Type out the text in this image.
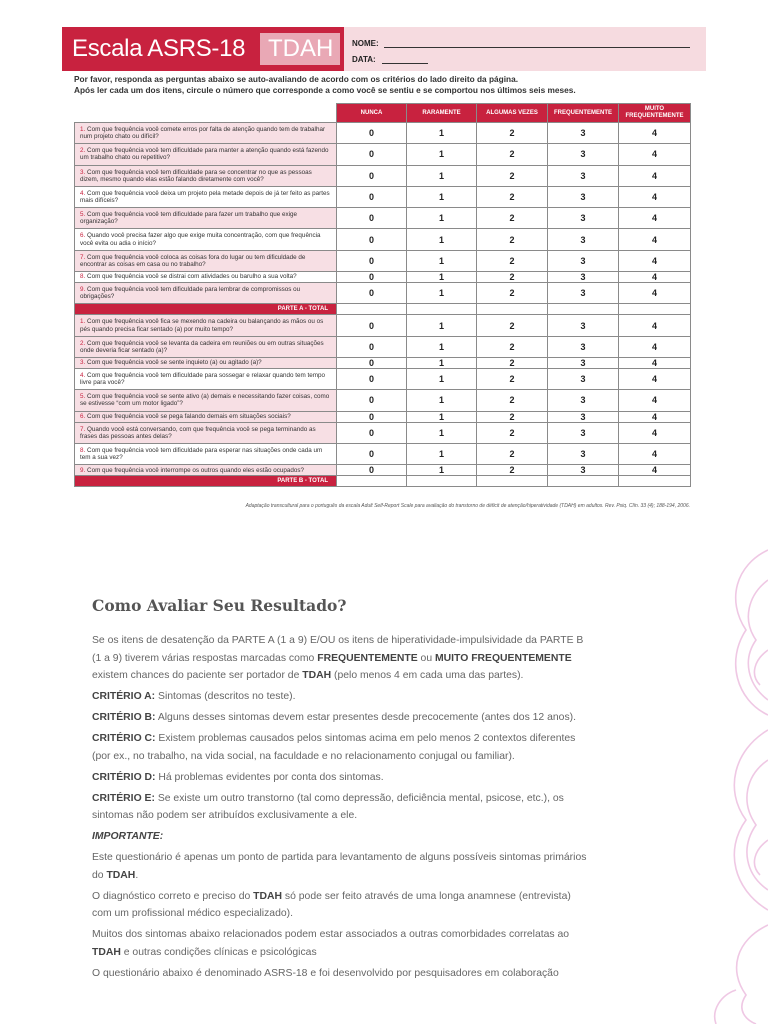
Escala ASRS-18 TDAH NOME:
DATA:
Por favor, responda as perguntas abaixo se auto-avaliando de acordo com os critérios do lado direito da página.
Após ler cada um dos itens, circule o número que corresponde a como você se sentiu e se comportou nos últimos seis meses.
	NUNCA	RARAMENTE	ALGUMAS VEZES	FREQUENTEMENTE	MUITO FREQUENTEMENTE
1. Com que frequência você comete erros por falta de atenção quando tem de trabalhar num projeto chato ou difícil?	0	1	2	3	4
2. Com que frequência você tem dificuldade para manter a atenção quando está fazendo um trabalho chato ou repetitivo?	0	1	2	3	4
3. Com que frequência você tem dificuldade para se concentrar no que as pessoas dizem, mesmo quando elas estão falando diretamente com você?	0	1	2	3	4
4. Com que frequência você deixa um projeto pela metade depois de já ter feito as partes mais difíceis?	0	1	2	3	4
5. Com que frequência você tem dificuldade para fazer um trabalho que exige organização?	0	1	2	3	4
6. Quando você precisa fazer algo que exige muita concentração, com que frequência você evita ou adia o início?	0	1	2	3	4
7. Com que frequência você coloca as coisas fora do lugar ou tem dificuldade de encontrar as coisas em casa ou no trabalho?	0	1	2	3	4
8. Com que frequência você se distrai com atividades ou barulho a sua volta?	0	1	2	3	4
9. Com que frequência você tem dificuldade para lembrar de compromissos ou obrigações?	0	1	2	3	4
PARTE A - TOTAL					
1. Com que frequência você fica se mexendo na cadeira ou balançando as mãos ou os pés quando precisa ficar sentado (a) por muito tempo?	0	1	2	3	4
2. Com que frequência você se levanta da cadeira em reuniões ou em outras situações onde deveria ficar sentado (a)?	0	1	2	3	4
3. Com que frequência você se sente inquieto (a) ou agitado (a)?	0	1	2	3	4
4. Com que frequência você tem dificuldade para sossegar e relaxar quando tem tempo livre para você?	0	1	2	3	4
5. Com que frequência você se sente ativo (a) demais e necessitando fazer coisas, como se estivesse “com um motor ligado”?	0	1	2	3	4
6. Com que frequência você se pega falando demais em situações sociais?	0	1	2	3	4
7. Quando você está conversando, com que frequência você se pega terminando as frases das pessoas antes delas?	0	1	2	3	4
8. Com que frequência você tem dificuldade para esperar nas situações onde cada um tem a sua vez?	0	1	2	3	4
9. Com que frequência você interrompe os outros quando eles estão ocupados?	0	1	2	3	4
PARTE B - TOTAL					
Adaptação transcultural para o português da escala Adult Self-Report Scale para avaliação do transtorno de déficit de atenção/hiperatividade (TDAH) em adultos. Rev. Psiq. Clín. 33 (4); 188-194, 2006.
Como Avaliar Seu Resultado?

Se os itens de desatenção da PARTE A (1 a 9) E/OU os itens de hiperatividade-impulsividade da PARTE B (1 a 9) tiverem várias respostas marcadas como FREQUENTEMENTE ou MUITO FREQUENTEMENTE existem chances do paciente ser portador de TDAH (pelo menos 4 em cada uma das partes).

CRITÉRIO A: Sintomas (descritos no teste).

CRITÉRIO B: Alguns desses sintomas devem estar presentes desde precocemente (antes dos 12 anos).

CRITÉRIO C: Existem problemas causados pelos sintomas acima em pelo menos 2 contextos diferentes (por ex., no trabalho, na vida social, na faculdade e no relacionamento conjugal ou familiar).

CRITÉRIO D: Há problemas evidentes por conta dos sintomas.

CRITÉRIO E: Se existe um outro transtorno (tal como depressão, deficiência mental, psicose, etc.), os sintomas não podem ser atribuídos exclusivamente a ele.

IMPORTANTE:

Este questionário é apenas um ponto de partida para levantamento de alguns possíveis sintomas primários do TDAH.

O diagnóstico correto e preciso do TDAH só pode ser feito através de uma longa anamnese (entrevista) com um profissional médico especializado).

Muitos dos sintomas abaixo relacionados podem estar associados a outras comorbidades correlatas ao TDAH e outras condições clínicas e psicológicas

O questionário abaixo é denominado ASRS-18 e foi desenvolvido por pesquisadores em colaboração
